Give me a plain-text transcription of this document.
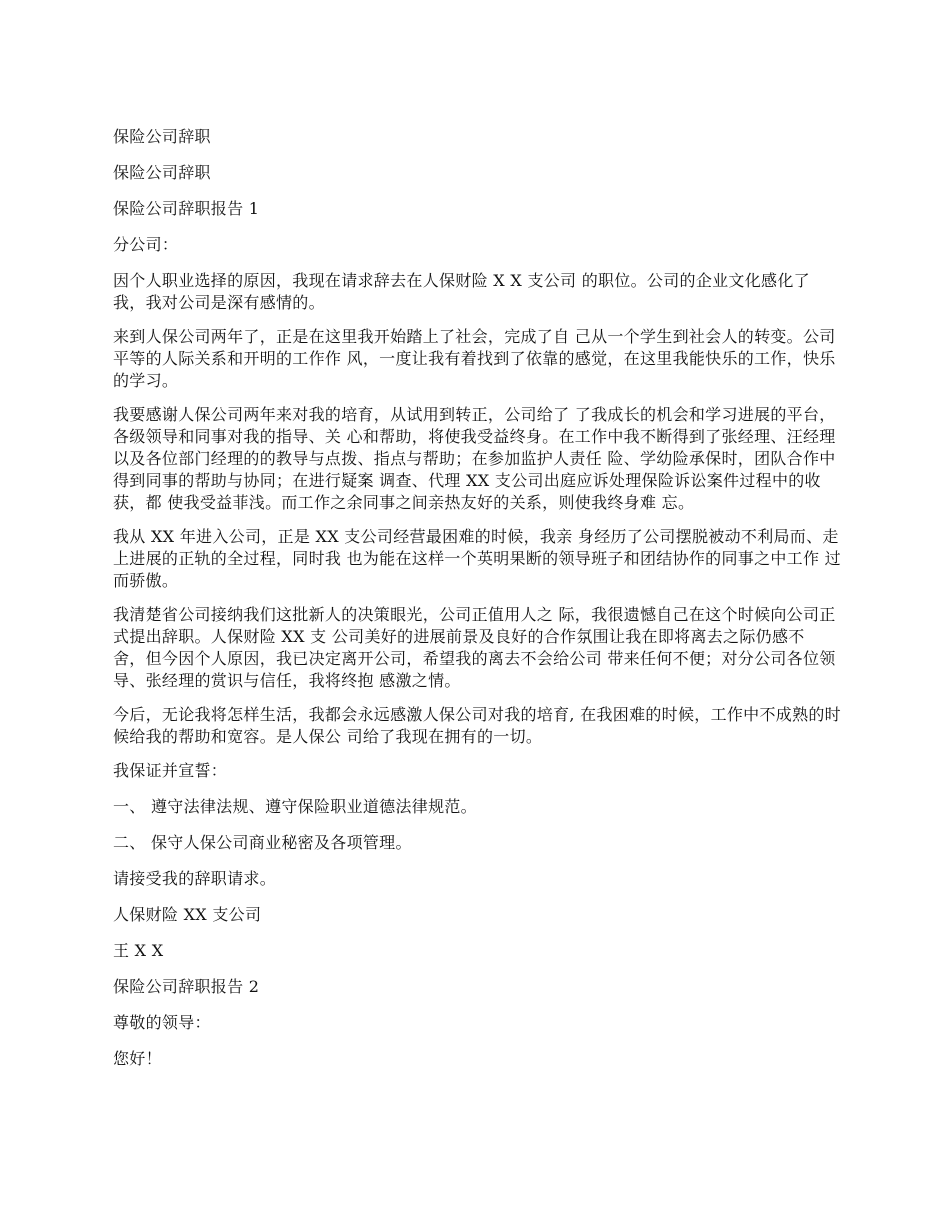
保险公司辞职

保险公司辞职

保险公司辞职报告 1

分公司：

因个人职业选择的原因，我现在请求辞去在人保财险 X X 支公司 的职位。公司的企业文化感化了我，我对公司是深有感情的。

来到人保公司两年了，正是在这里我开始踏上了社会，完成了自 己从一个学生到社会人的转变。公司平等的人际关系和开明的工作作 风，一度让我有着找到了依靠的感觉，在这里我能快乐的工作，快乐 的学习。

我要感谢人保公司两年来对我的培育，从试用到转正，公司给了 了我成长的机会和学习进展的平台，各级领导和同事对我的指导、关 心和帮助，将使我受益终身。在工作中我不断得到了张经理、汪经理 以及各位部门经理的的教导与点拨、指点与帮助；在参加监护人责任 险、学幼险承保时，团队合作中得到同事的帮助与协同；在进行疑案 调查、代理 XX 支公司出庭应诉处理保险诉讼案件过程中的收获，都 使我受益菲浅。而工作之余同事之间亲热友好的关系，则使我终身难 忘。

我从 XX 年进入公司，正是 XX 支公司经营最困难的时候，我亲 身经历了公司摆脱被动不利局而、走上进展的正轨的全过程，同时我 也为能在这样一个英明果断的领导班子和团结协作的同事之中工作 过而骄傲。

我清楚省公司接纳我们这批新人的决策眼光，公司正值用人之 际，我很遗憾自己在这个时候向公司正式提出辞职。人保财险 XX 支 公司美好的进展前景及良好的合作氛围让我在即将离去之际仍感不 舍，但今因个人原因，我已决定离开公司，希望我的离去不会给公司 带来任何不便；对分公司各位领导、张经理的赏识与信任，我将终抱 感激之情。

今后，无论我将怎样生活，我都会永远感激人保公司对我的培育, 在我困难的时候，工作中不成熟的时候给我的帮助和宽容。是人保公 司给了我现在拥有的一切。

我保证并宣誓：

一、 遵守法律法规、遵守保险职业道德法律规范。

二、 保守人保公司商业秘密及各项管理。

请接受我的辞职请求。

人保财险 XX 支公司

王 X X

保险公司辞职报告 2

尊敬的领导：

您好！
